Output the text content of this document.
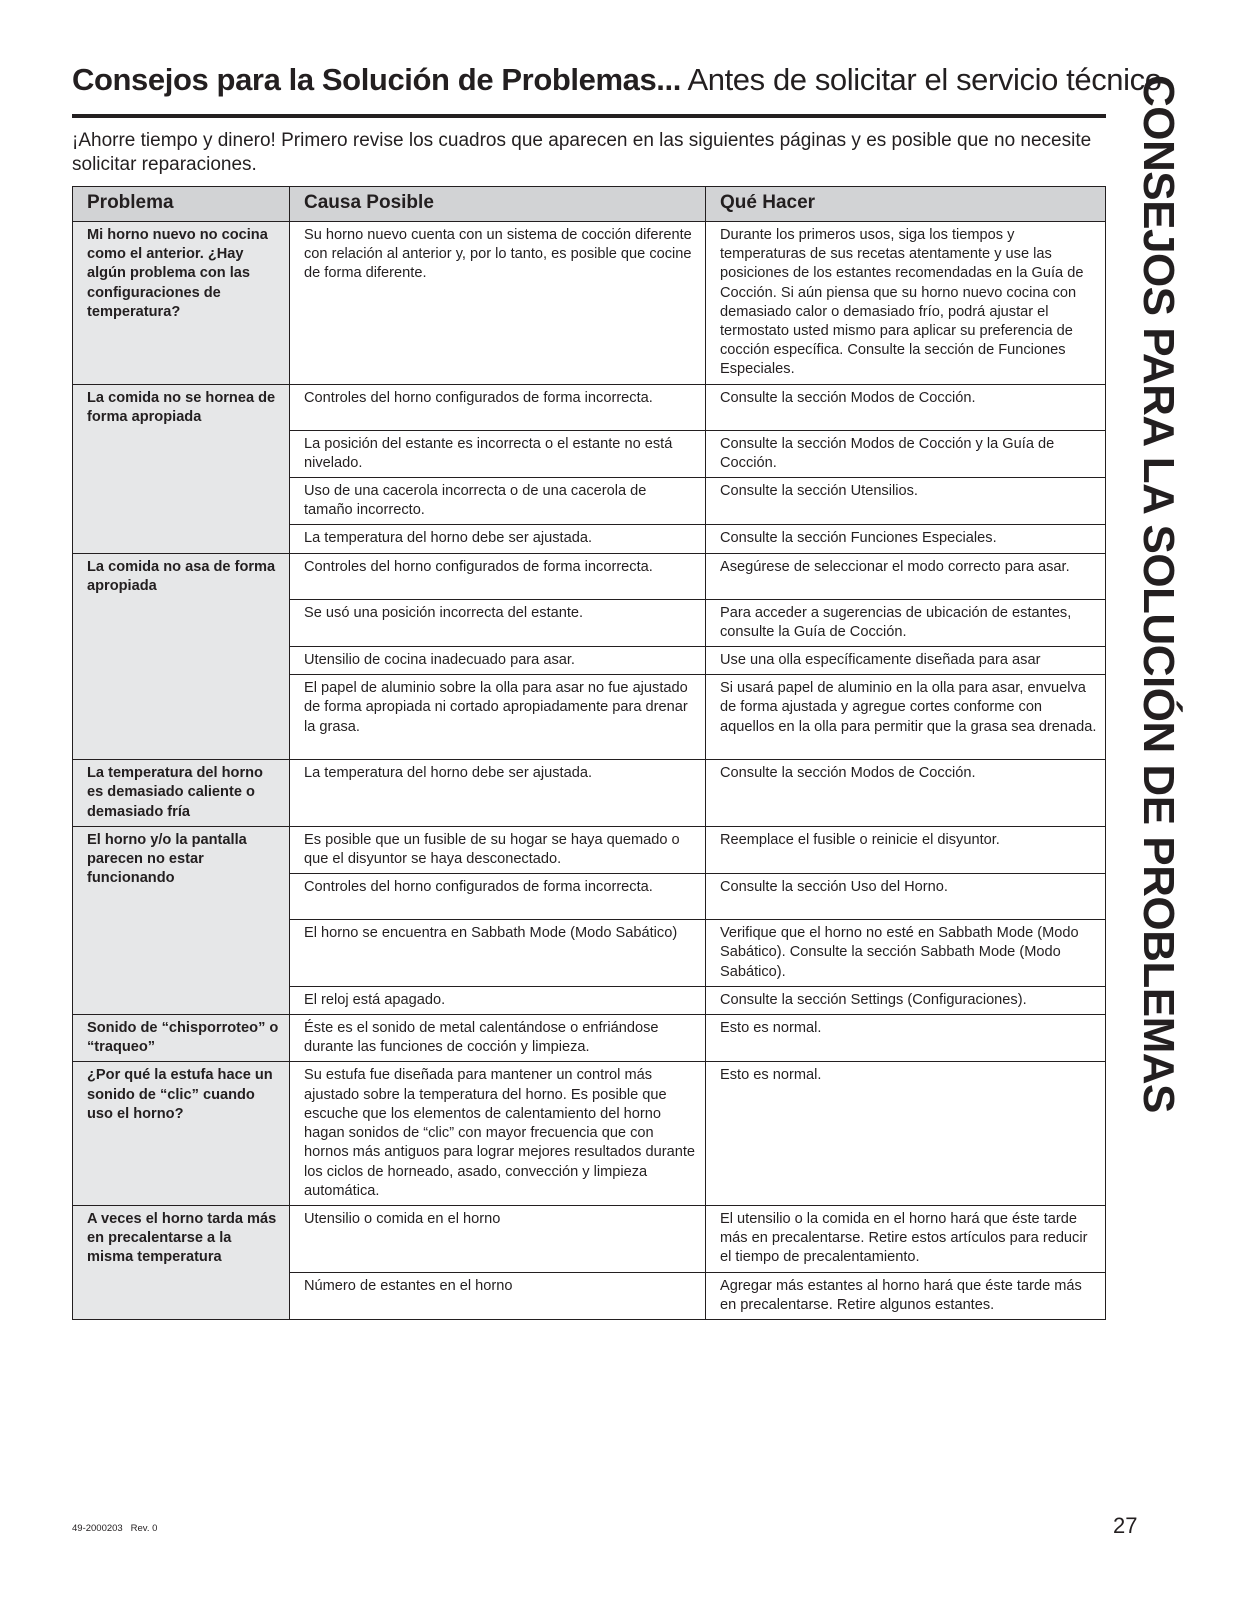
Consejos para la Solución de Problemas... Antes de solicitar el servicio técnico
¡Ahorre tiempo y dinero! Primero revise los cuadros que aparecen en las siguientes páginas y es posible que no necesite solicitar reparaciones.	CONSEJOS PARA LA SOLUCIÓN DE PROBLEMAS
Problema	Causa Posible	Qué Hacer
Mi horno nuevo no cocina como el anterior. ¿Hay algún problema con las configuraciones de temperatura?	Su horno nuevo cuenta con un sistema de cocción diferente con relación al anterior y, por lo tanto, es posible que cocine de forma diferente.	Durante los primeros usos, siga los tiempos y temperaturas de sus recetas atentamente y use las posiciones de los estantes recomendadas en la Guía de Cocción. Si aún piensa que su horno nuevo cocina con demasiado calor o demasiado frío, podrá ajustar el termostato usted mismo para aplicar su preferencia de cocción específica. Consulte la sección de Funciones Especiales.
La comida no se hornea de forma apropiada	Controles del horno configurados de forma incorrecta.	Consulte la sección Modos de Cocción.
	La posición del estante es incorrecta o el estante no está nivelado.	Consulte la sección Modos de Cocción y la Guía de Cocción.
	Uso de una cacerola incorrecta o de una cacerola de tamaño incorrecto.	Consulte la sección Utensilios.
	La temperatura del horno debe ser ajustada.	Consulte la sección Funciones Especiales.
La comida no asa de forma apropiada	Controles del horno configurados de forma incorrecta.	Asegúrese de seleccionar el modo correcto para asar.
	Se usó una posición incorrecta del estante.	Para acceder a sugerencias de ubicación de estantes, consulte la Guía de Cocción.
	Utensilio de cocina inadecuado para asar.	Use una olla específicamente diseñada para asar
	El papel de aluminio sobre la olla para asar no fue ajustado de forma apropiada ni cortado apropiadamente para drenar la grasa.	Si usará papel de aluminio en la olla para asar, envuelva de forma ajustada y agregue cortes conforme con aquellos en la olla para permitir que la grasa sea drenada.
La temperatura del horno es demasiado caliente o demasiado fría	La temperatura del horno debe ser ajustada.	Consulte la sección Modos de Cocción.
El horno y/o la pantalla parecen no estar funcionando	Es posible que un fusible de su hogar se haya quemado o que el disyuntor se haya desconectado.	Reemplace el fusible o reinicie el disyuntor.
	Controles del horno configurados de forma incorrecta.	Consulte la sección Uso del Horno.
	El horno se encuentra en Sabbath Mode (Modo Sabático)	Verifique que el horno no esté en Sabbath Mode (Modo Sabático). Consulte la sección Sabbath Mode (Modo Sabático).
	El reloj está apagado.	Consulte la sección Settings (Configuraciones).
Sonido de “chisporroteo” o “traqueo”	Éste es el sonido de metal calentándose o enfriándose durante las funciones de cocción y limpieza.	Esto es normal.
¿Por qué la estufa hace un sonido de “clic” cuando uso el horno?	Su estufa fue diseñada para mantener un control más ajustado sobre la temperatura del horno. Es posible que escuche que los elementos de calentamiento del horno hagan sonidos de “clic” con mayor frecuencia que con hornos más antiguos para lograr mejores resultados durante los ciclos de horneado, asado, convección y limpieza automática.	Esto es normal.
A veces el horno tarda más en precalentarse a la misma temperatura	Utensilio o comida en el horno	El utensilio o la comida en el horno hará que éste tarde más en precalentarse. Retire estos artículos para reducir el tiempo de precalentamiento.
	Número de estantes en el horno	Agregar más estantes al horno hará que éste tarde más en precalentarse. Retire algunos estantes.
49-2000203   Rev. 0	27
